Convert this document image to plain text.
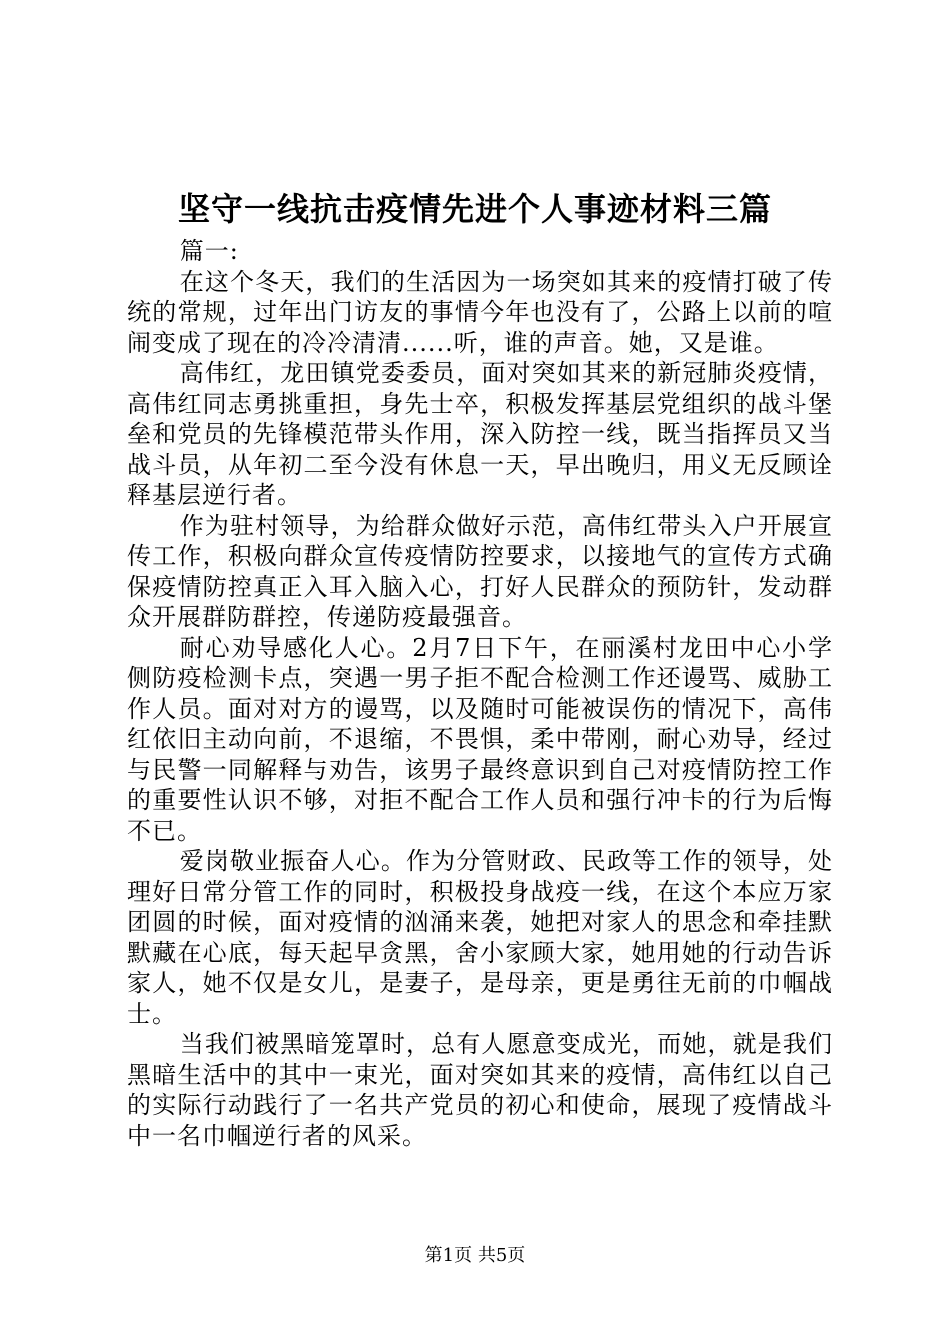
坚守一线抗击疫情先进个人事迹材料三篇

篇一:

在这个冬天，我们的生活因为一场突如其来的疫情打破了传统的常规，过年出门访友的事情今年也没有了，公路上以前的喧闹变成了现在的冷冷清清......听，谁的声音。她，又是谁。

高伟红，龙田镇党委委员，面对突如其来的新冠肺炎疫情，高伟红同志勇挑重担，身先士卒，积极发挥基层党组织的战斗堡垒和党员的先锋模范带头作用，深入防控一线，既当指挥员又当战斗员，从年初二至今没有休息一天，早出晚归，用义无反顾诠释基层逆行者。

作为驻村领导，为给群众做好示范，高伟红带头入户开展宣传工作，积极向群众宣传疫情防控要求，以接地气的宣传方式确保疫情防控真正入耳入脑入心，打好人民群众的预防针，发动群众开展群防群控，传递防疫最强音。

耐心劝导感化人心。2月7日下午，在丽溪村龙田中心小学侧防疫检测卡点，突遇一男子拒不配合检测工作还谩骂、威胁工作人员。面对对方的谩骂，以及随时可能被误伤的情况下，高伟红依旧主动向前，不退缩，不畏惧，柔中带刚，耐心劝导，经过与民警一同解释与劝告，该男子最终意识到自己对疫情防控工作的重要性认识不够，对拒不配合工作人员和强行冲卡的行为后悔不已。

爱岗敬业振奋人心。作为分管财政、民政等工作的领导，处理好日常分管工作的同时，积极投身战疫一线，在这个本应万家团圆的时候，面对疫情的汹涌来袭，她把对家人的思念和牵挂默默藏在心底，每天起早贪黑，舍小家顾大家，她用她的行动告诉家人，她不仅是女儿，是妻子，是母亲，更是勇往无前的巾帼战士。

当我们被黑暗笼罩时，总有人愿意变成光，而她，就是我们黑暗生活中的其中一束光，面对突如其来的疫情，高伟红以自己的实际行动践行了一名共产党员的初心和使命，展现了疫情战斗中一名巾帼逆行者的风采。

第1页 共5页
